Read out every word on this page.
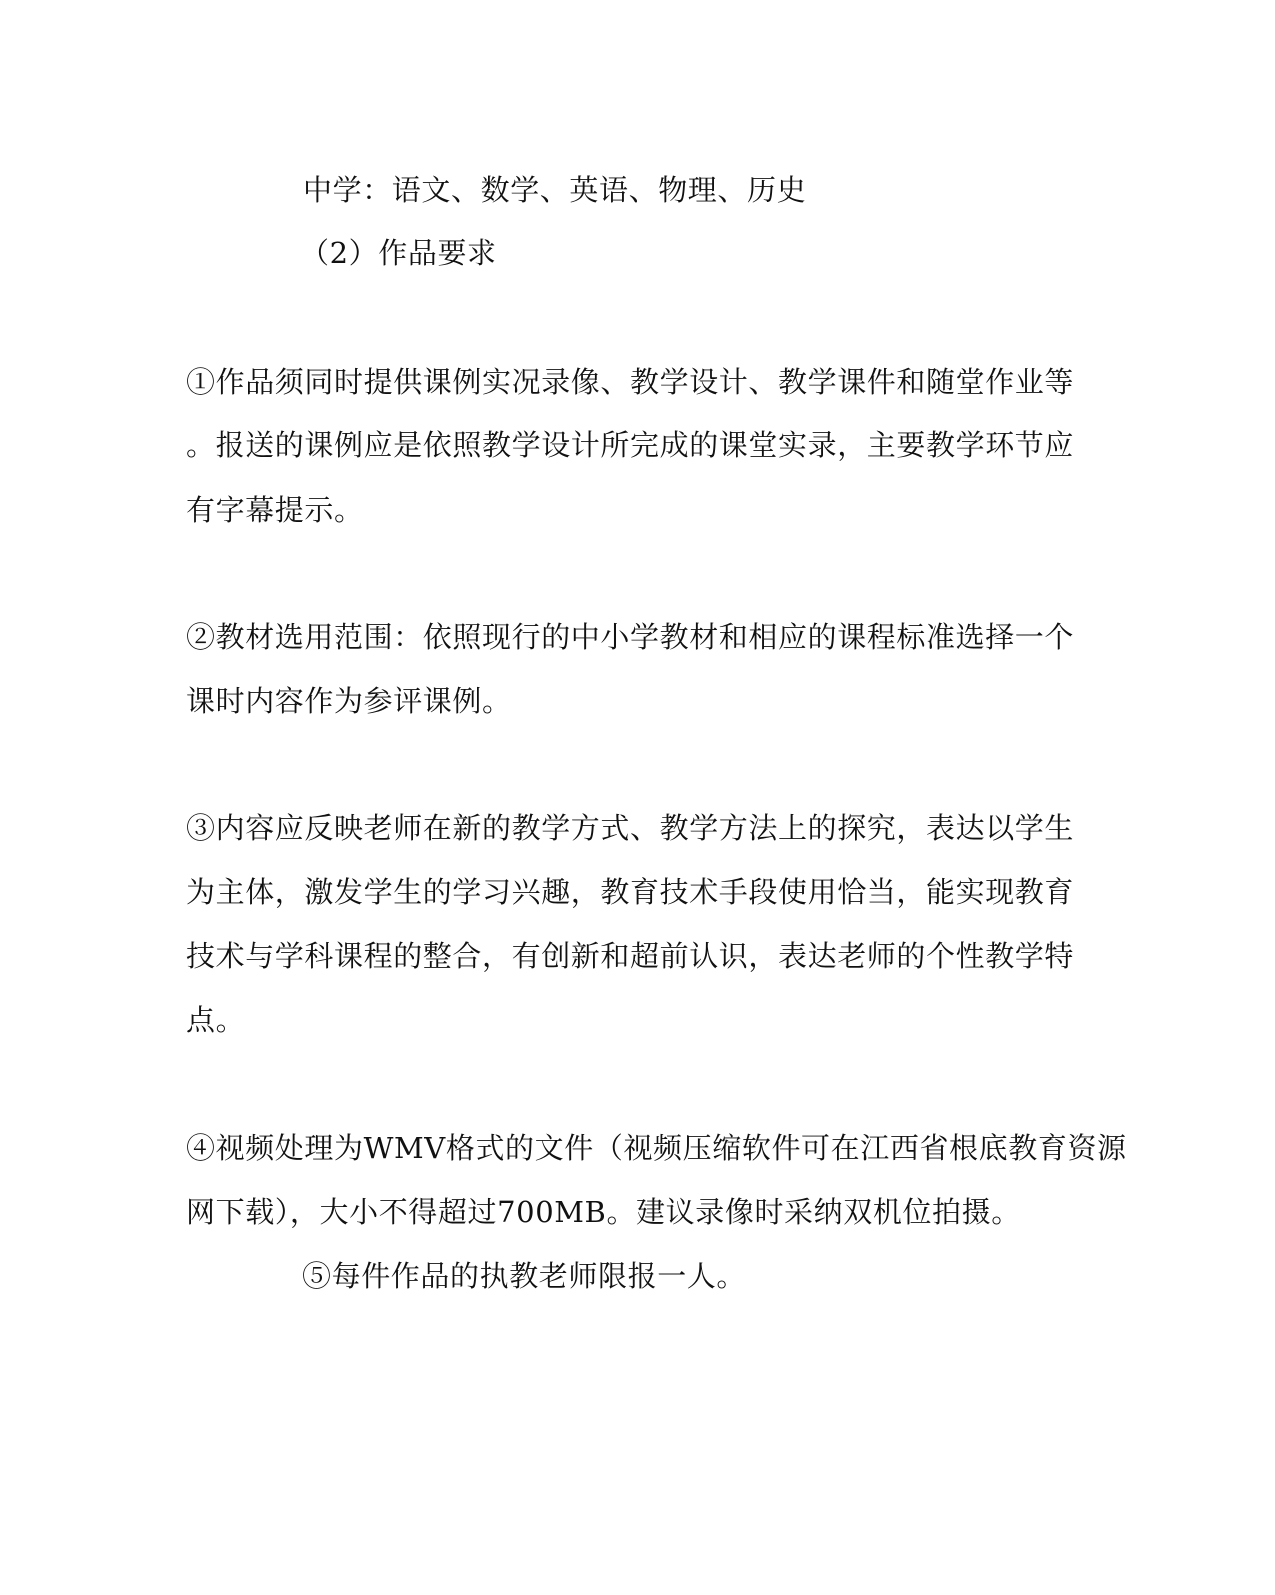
中学：语文、数学、英语、物理、历史

（2）作品要求

①作品须同时提供课例实况录像、教学设计、教学课件和随堂作业等

。报送的课例应是依照教学设计所完成的课堂实录，主要教学环节应

有字幕提示。

②教材选用范围：依照现行的中小学教材和相应的课程标准选择一个

课时内容作为参评课例。

③内容应反映老师在新的教学方式、教学方法上的探究，表达以学生

为主体，激发学生的学习兴趣，教育技术手段使用恰当，能实现教育

技术与学科课程的整合，有创新和超前认识，表达老师的个性教学特

点。

④视频处理为WMV格式的文件（视频压缩软件可在江西省根底教育资源

网下载），大小不得超过700MB。建议录像时采纳双机位拍摄。

⑤每件作品的执教老师限报一人。
